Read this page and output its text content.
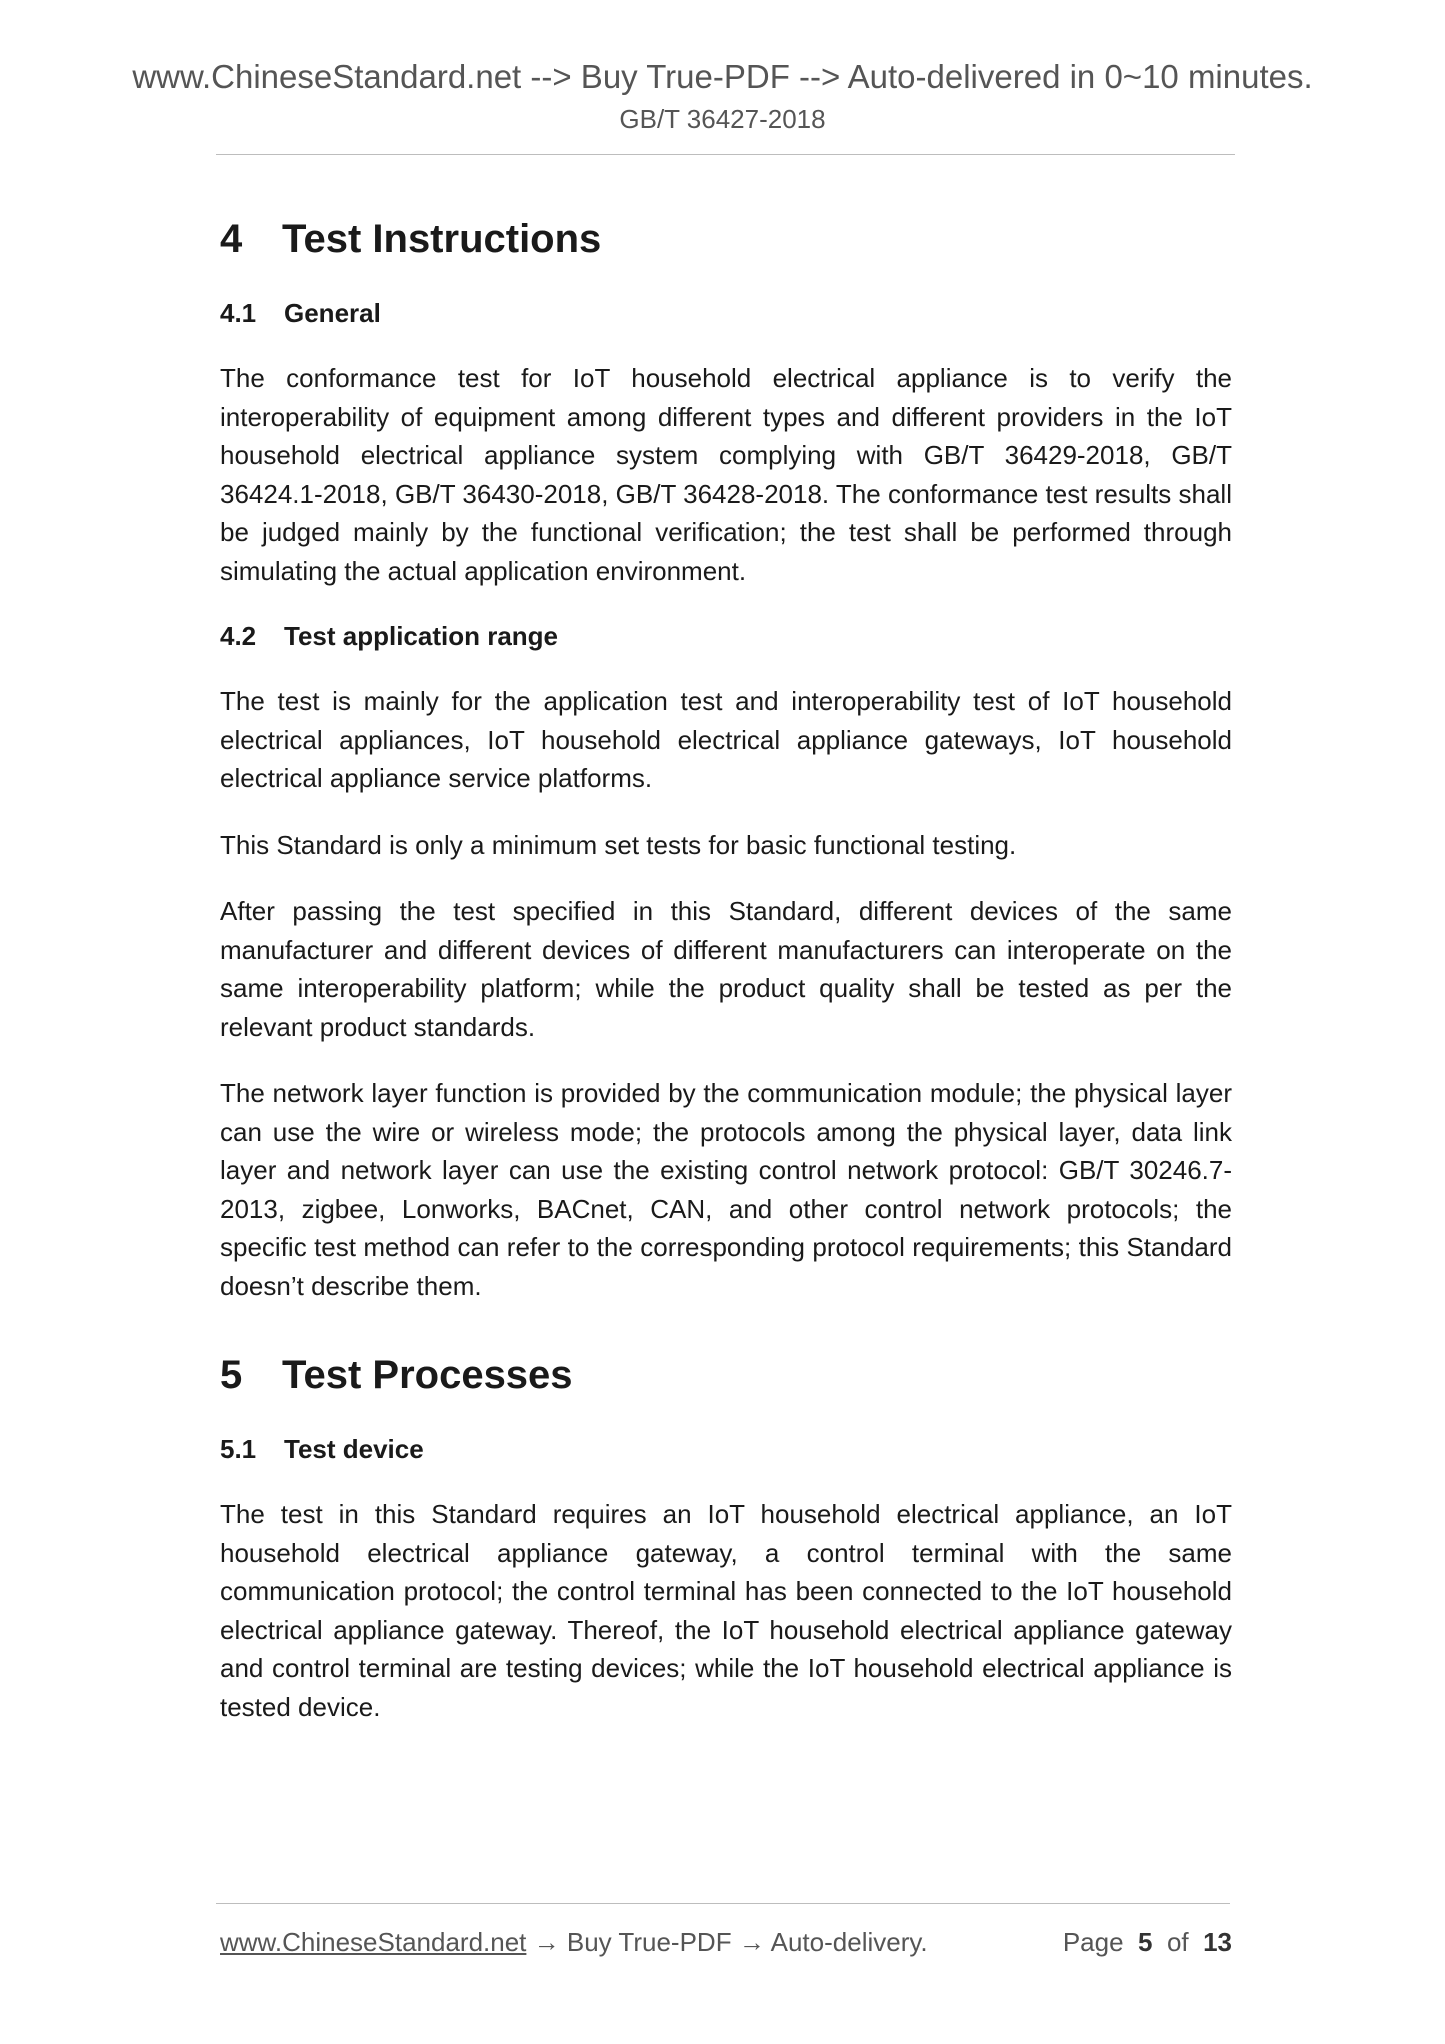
www.ChineseStandard.net --> Buy True-PDF --> Auto-delivered in 0~10 minutes.
GB/T 36427-2018
4 Test Instructions
4.1 General

The conformance test for IoT household electrical appliance is to verify the interoperability of equipment among different types and different providers in the IoT household electrical appliance system complying with GB/T 36429-2018, GB/T 36424.1-2018, GB/T 36430-2018, GB/T 36428-2018. The conformance test results shall be judged mainly by the functional verification; the test shall be performed through simulating the actual application environment.

4.2 Test application range

The test is mainly for the application test and interoperability test of IoT household electrical appliances, IoT household electrical appliance gateways, IoT household electrical appliance service platforms.

This Standard is only a minimum set tests for basic functional testing.

After passing the test specified in this Standard, different devices of the same manufacturer and different devices of different manufacturers can interoperate on the same interoperability platform; while the product quality shall be tested as per the relevant product standards.

The network layer function is provided by the communication module; the physical layer can use the wire or wireless mode; the protocols among the physical layer, data link layer and network layer can use the existing control network protocol: GB/T 30246.7-2013, zigbee, Lonworks, BACnet, CAN, and other control network protocols; the specific test method can refer to the corresponding protocol requirements; this Standard doesn’t describe them.

5 Test Processes
5.1 Test device

The test in this Standard requires an IoT household electrical appliance, an IoT household electrical appliance gateway, a control terminal with the same communication protocol; the control terminal has been connected to the IoT household electrical appliance gateway. Thereof, the IoT household electrical appliance gateway and control terminal are testing devices; while the IoT household electrical appliance is tested device.

www.ChineseStandard.net → Buy True-PDF → Auto-delivery.	Page 5 of 13
